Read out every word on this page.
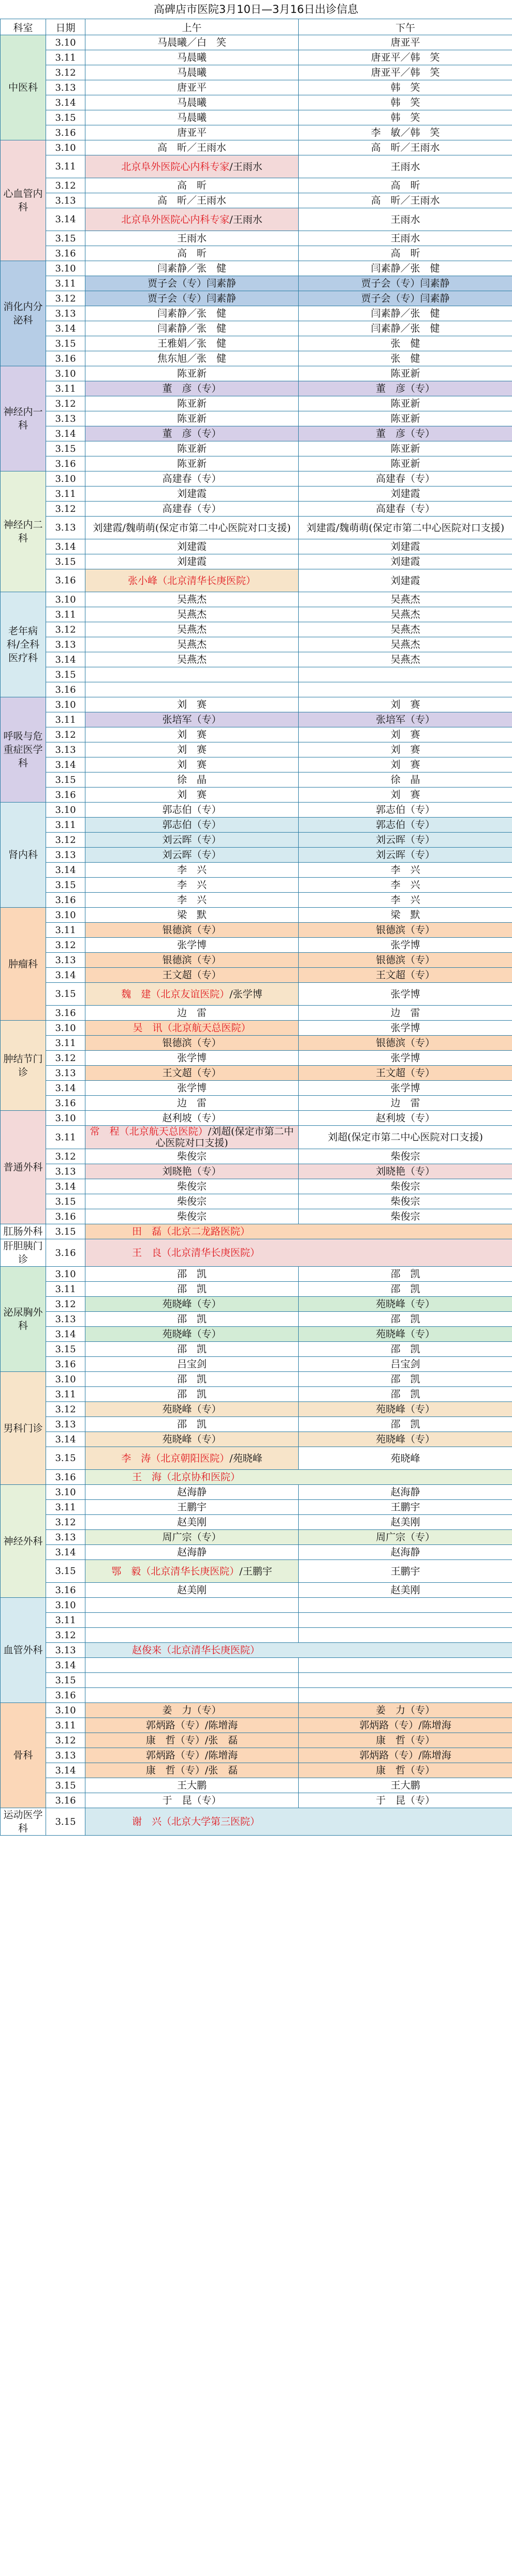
高碑店市医院3月10日—3月16日出诊信息
科室	日期	上午	下午
中医科	3.10	马晨曦／白　笑	唐亚平
	3.11	马晨曦	唐亚平／韩　笑
	3.12	马晨曦	唐亚平／韩　笑
	3.13	唐亚平	韩　笑
	3.14	马晨曦	韩　笑
	3.15	马晨曦	韩　笑
	3.16	唐亚平	李　敏／韩　笑
心血管内科	3.10	高　昕／王雨水	高　昕／王雨水
	3.11	北京阜外医院心内科专家/王雨水	王雨水
	3.12	高　昕	高　昕
	3.13	高　昕／王雨水	高　昕／王雨水
	3.14	北京阜外医院心内科专家/王雨水	王雨水
	3.15	王雨水	王雨水
	3.16	高　昕	高　昕
消化内分泌科	3.10	闫素静／张　健	闫素静／张　健
	3.11	贾子会（专）闫素静	贾子会（专）闫素静
	3.12	贾子会（专）闫素静	贾子会（专）闫素静
	3.13	闫素静／张　健	闫素静／张　健
	3.14	闫素静／张　健	闫素静／张　健
	3.15	王雅娟／张　健	张　健
	3.16	焦东旭／张　健	张　健
神经内一科	3.10	陈亚新	陈亚新
	3.11	董　彦（专）	董　彦（专）
	3.12	陈亚新	陈亚新
	3.13	陈亚新	陈亚新
	3.14	董　彦（专）	董　彦（专）
	3.15	陈亚新	陈亚新
	3.16	陈亚新	陈亚新
神经内二科	3.10	高建春（专）	高建春（专）
	3.11	刘建霞	刘建霞
	3.12	高建春（专）	高建春（专）
	3.13	刘建霞/魏萌萌(保定市第二中心医院对口支援)	刘建霞/魏萌萌(保定市第二中心医院对口支援)
	3.14	刘建霞	刘建霞
	3.15	刘建霞	刘建霞
	3.16	张小峰（北京清华长庚医院）	刘建霞
老年病科/全科医疗科	3.10	吴燕杰	吴燕杰
	3.11	吴燕杰	吴燕杰
	3.12	吴燕杰	吴燕杰
	3.13	吴燕杰	吴燕杰
	3.14	吴燕杰	吴燕杰
	3.15		
	3.16		
呼吸与危重症医学科	3.10	刘　赛	刘　赛
	3.11	张培军（专）	张培军（专）
	3.12	刘　赛	刘　赛
	3.13	刘　赛	刘　赛
	3.14	刘　赛	刘　赛
	3.15	徐　晶	徐　晶
	3.16	刘　赛	刘　赛
肾内科	3.10	郭志伯（专）	郭志伯（专）
	3.11	郭志伯（专）	郭志伯（专）
	3.12	刘云晖（专）	刘云晖（专）
	3.13	刘云晖（专）	刘云晖（专）
	3.14	李　兴	李　兴
	3.15	李　兴	李　兴
	3.16	李　兴	李　兴
肿瘤科	3.10	梁　默	梁　默
	3.11	银德滨（专）	银德滨（专）
	3.12	张学博	张学博
	3.13	银德滨（专）	银德滨（专）
	3.14	王文超（专）	王文超（专）
	3.15	魏　建（北京友谊医院）/张学博	张学博
	3.16	边　雷	边　雷
肿结节门诊	3.10	吴　讯（北京航天总医院）	张学博
	3.11	银德滨（专）	银德滨（专）
	3.12	张学博	张学博
	3.13	王文超（专）	王文超（专）
	3.14	张学博	张学博
	3.16	边　雷	边　雷
普通外科	3.10	赵利坡（专）	赵利坡（专）
	3.11	常　程（北京航天总医院）/刘超(保定市第二中心医院对口支援)	刘超(保定市第二中心医院对口支援)
	3.12	柴俊宗	柴俊宗
	3.13	刘晓艳（专）	刘晓艳（专）
	3.14	柴俊宗	柴俊宗
	3.15	柴俊宗	柴俊宗
	3.16	柴俊宗	柴俊宗
肛肠外科	3.15	田　磊（北京二龙路医院）	
肝胆胰门诊	3.16	王　良（北京清华长庚医院）	
泌尿胸外科	3.10	邵　凯	邵　凯
	3.11	邵　凯	邵　凯
	3.12	苑晓峰（专）	苑晓峰（专）
	3.13	邵　凯	邵　凯
	3.14	苑晓峰（专）	苑晓峰（专）
	3.15	邵　凯	邵　凯
	3.16	吕宝剑	吕宝剑
男科门诊	3.10	邵　凯	邵　凯
	3.11	邵　凯	邵　凯
	3.12	苑晓峰（专）	苑晓峰（专）
	3.13	邵　凯	邵　凯
	3.14	苑晓峰（专）	苑晓峰（专）
	3.15	李　涛（北京朝阳医院）/苑晓峰	苑晓峰
	3.16	王　海（北京协和医院）	
神经外科	3.10	赵海静	赵海静
	3.11	王鹏宇	王鹏宇
	3.12	赵美刚	赵美刚
	3.13	周广宗（专）	周广宗（专）
	3.14	赵海静	赵海静
	3.15	鄂　毅（北京清华长庚医院）/王鹏宇	王鹏宇
	3.16	赵美刚	赵美刚
血管外科	3.10		
	3.11		
	3.12		
	3.13	赵俊来（北京清华长庚医院）	
	3.14		
	3.15		
	3.16		
骨科	3.10	姜　力（专）	姜　力（专）
	3.11	郭炳路（专）/陈增海	郭炳路（专）/陈增海
	3.12	康　哲（专）/张　磊	康　哲（专）
	3.13	郭炳路（专）/陈增海	郭炳路（专）/陈增海
	3.14	康　哲（专）/张　磊	康　哲（专）
	3.15	王大鹏	王大鹏
	3.16	于　昆（专）	于　昆（专）
运动医学科	3.15	谢　兴（北京大学第三医院）	
